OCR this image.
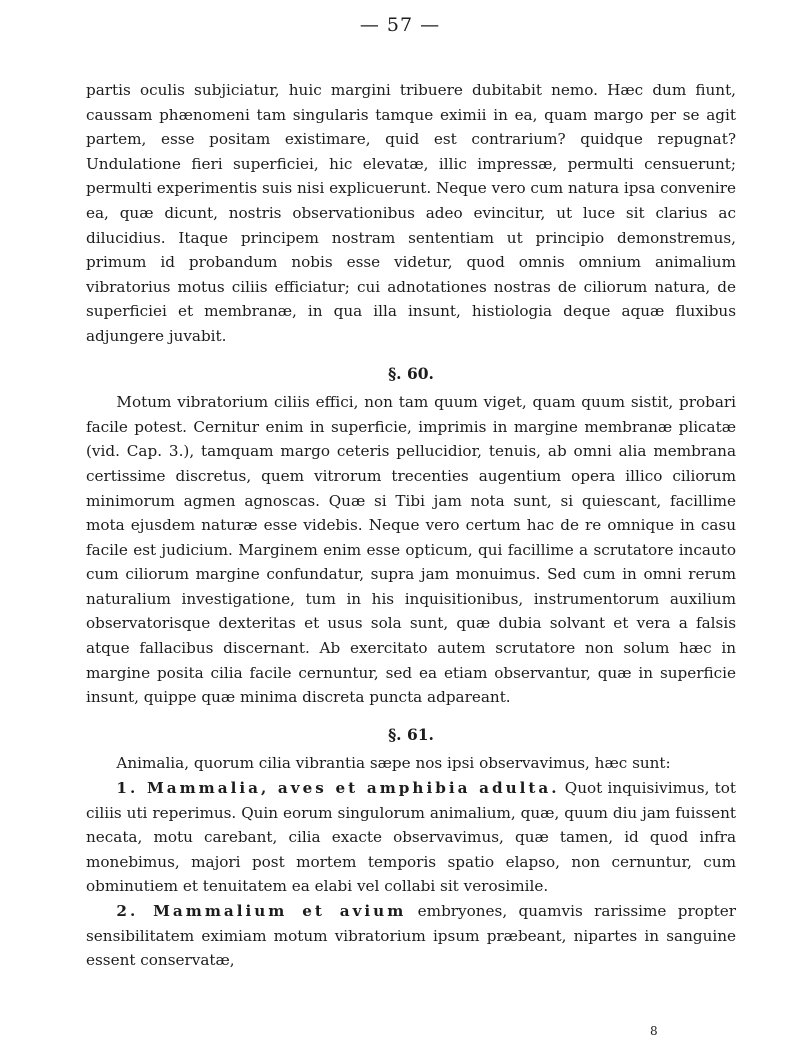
— 57 —

partis oculis subjiciatur, huic margini tribuere dubitabit nemo. Hæc dum fiunt, caussam phænomeni tam singularis tamque eximii in ea, quam margo per se agit partem, esse positam existimare, quid est contrarium? quidque repugnat? Undulatione fieri superficiei, hic elevatæ, illic impressæ, permulti censuerunt; permulti experimentis suis nisi explicuerunt. Neque vero cum natura ipsa convenire ea, quæ dicunt, nostris observationibus adeo evincitur, ut luce sit clarius ac dilucidius. Itaque principem nostram sententiam ut principio demonstremus, primum id probandum nobis esse videtur, quod omnis omnium animalium vibratorius motus ciliis efficiatur; cui adnotationes nostras de ciliorum natura, de superficiei et membranæ, in qua illa insunt, histiologia deque aquæ fluxibus adjungere juvabit.

§. 60.

Motum vibratorium ciliis effici, non tam quum viget, quam quum sistit, probari facile potest. Cernitur enim in superficie, imprimis in margine membranæ plicatæ (vid. Cap. 3.), tamquam margo ceteris pellucidior, tenuis, ab omni alia membrana certissime discretus, quem vitrorum trecenties augentium opera illico ciliorum minimorum agmen agnoscas. Quæ si Tibi jam nota sunt, si quiescant, facillime mota ejusdem naturæ esse videbis. Neque vero certum hac de re omnique in casu facile est judicium. Marginem enim esse opticum, qui facillime a scrutatore incauto cum ciliorum margine confundatur, supra jam monuimus. Sed cum in omni rerum naturalium investigatione, tum in his inquisitionibus, instrumentorum auxilium observatorisque dexteritas et usus sola sunt, quæ dubia solvant et vera a falsis atque fallacibus discernant. Ab exercitato autem scrutatore non solum hæc in margine posita cilia facile cernuntur, sed ea etiam observantur, quæ in superficie insunt, quippe quæ minima discreta puncta adpareant.

§. 61.

Animalia, quorum cilia vibrantia sæpe nos ipsi observavimus, hæc sunt:

1. Mammalia, aves et amphibia adulta. Quot inquisivimus, tot ciliis uti reperimus. Quin eorum singulorum animalium, quæ, quum diu jam fuissent necata, motu carebant, cilia exacte observavimus, quæ tamen, id quod infra monebimus, majori post mortem temporis spatio elapso, non cernuntur, cum obminutiem et tenuitatem ea elabi vel collabi sit verosimile.

2. Mammalium et avium embryones, quamvis rarissime propter sensibilitatem eximiam motum vibratorium ipsum præbeant, nipartes in sanguine essent conservatæ,

8
